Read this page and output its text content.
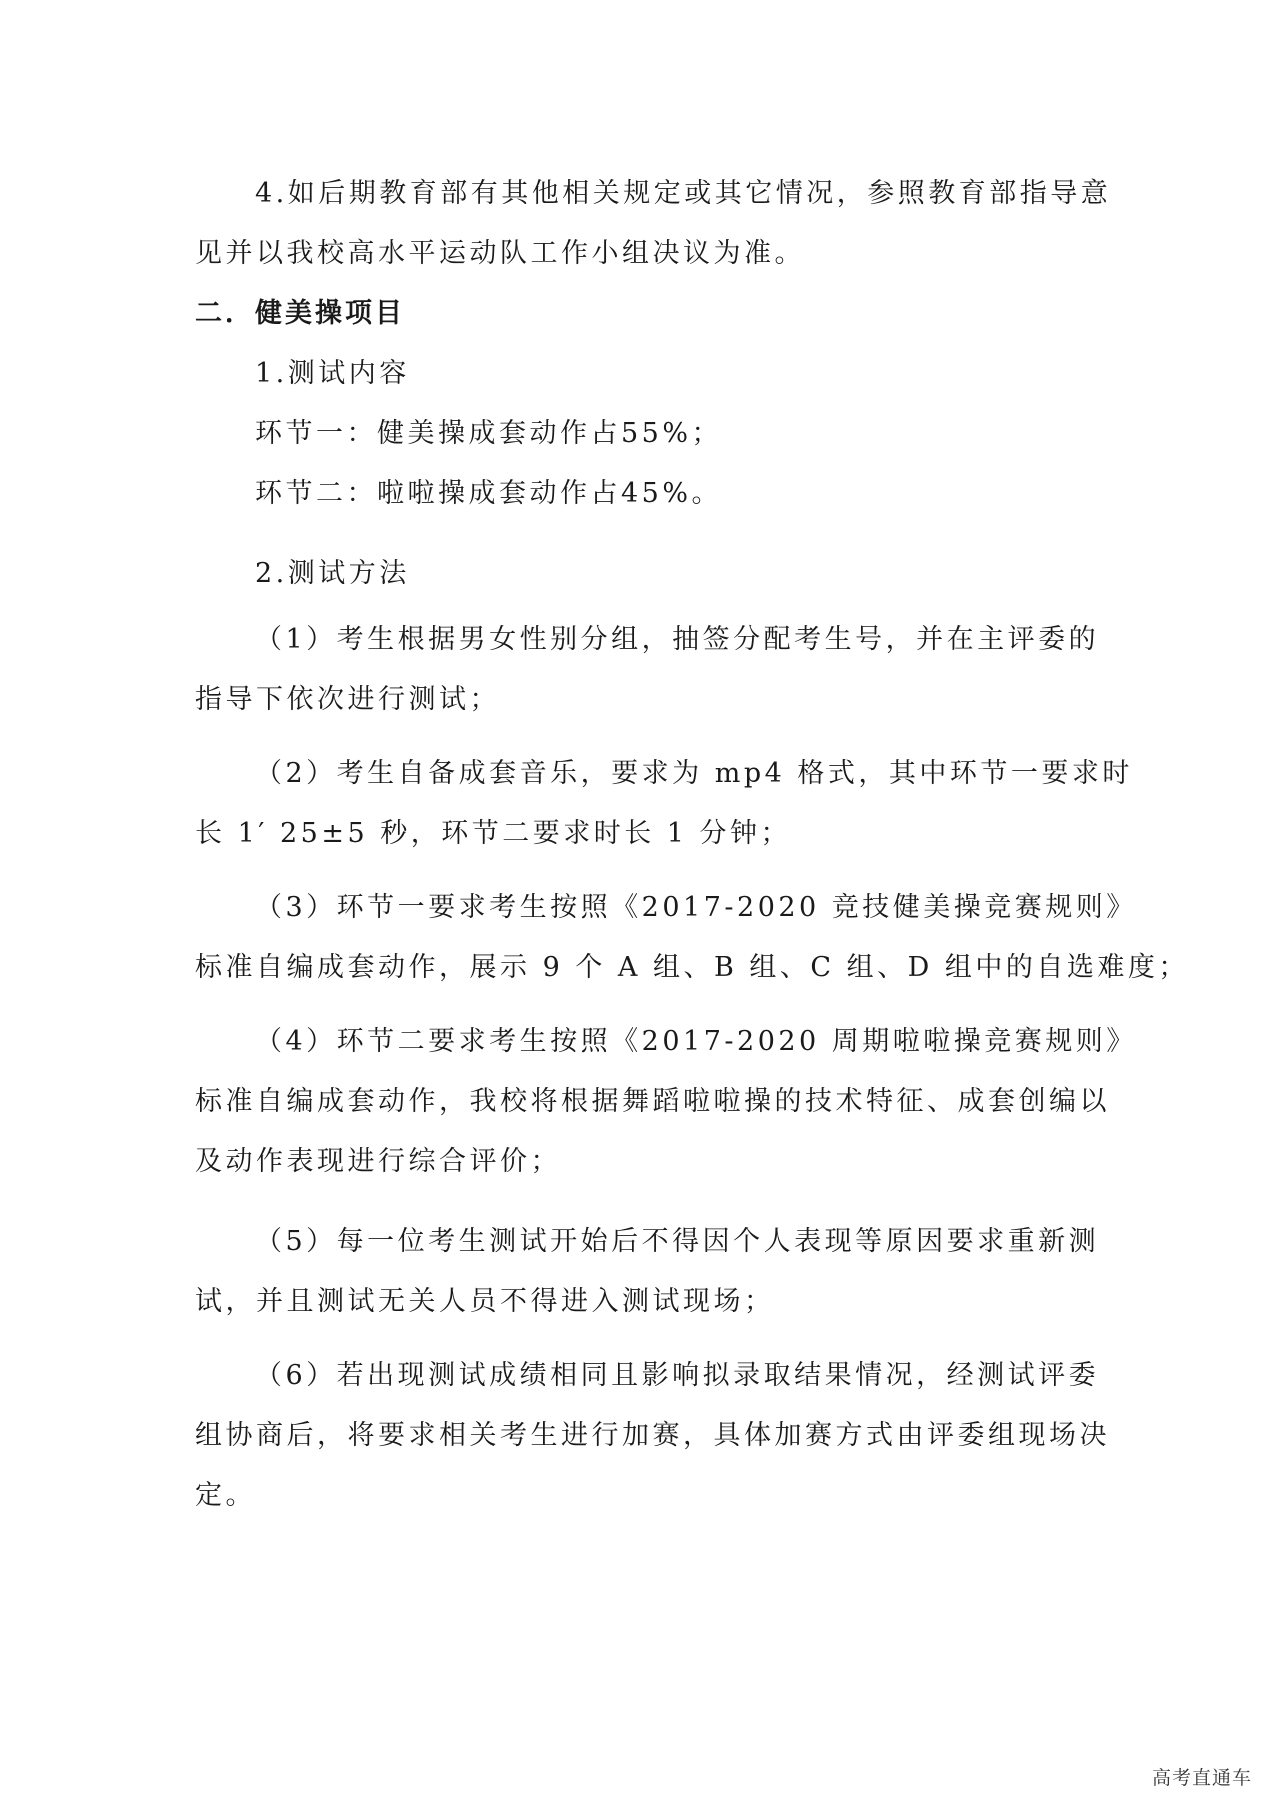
4.如后期教育部有其他相关规定或其它情况，参照教育部指导意
见并以我校高水平运动队工作小组决议为准。
二．健美操项目
1.测试内容
环节一：健美操成套动作占55%；
环节二：啦啦操成套动作占45%。
2.测试方法
（1）考生根据男女性别分组，抽签分配考生号，并在主评委的
指导下依次进行测试；
（2）考生自备成套音乐，要求为 mp4 格式，其中环节一要求时
长 1′ 25±5 秒，环节二要求时长 1 分钟；
（3）环节一要求考生按照《2017-2020 竞技健美操竞赛规则》
标准自编成套动作，展示 9 个 A 组、B 组、C 组、D 组中的自选难度；
（4）环节二要求考生按照《2017-2020 周期啦啦操竞赛规则》
标准自编成套动作，我校将根据舞蹈啦啦操的技术特征、成套创编以
及动作表现进行综合评价；
（5）每一位考生测试开始后不得因个人表现等原因要求重新测
试，并且测试无关人员不得进入测试现场；
（6）若出现测试成绩相同且影响拟录取结果情况，经测试评委
组协商后，将要求相关考生进行加赛，具体加赛方式由评委组现场决
定。
高考直通车
